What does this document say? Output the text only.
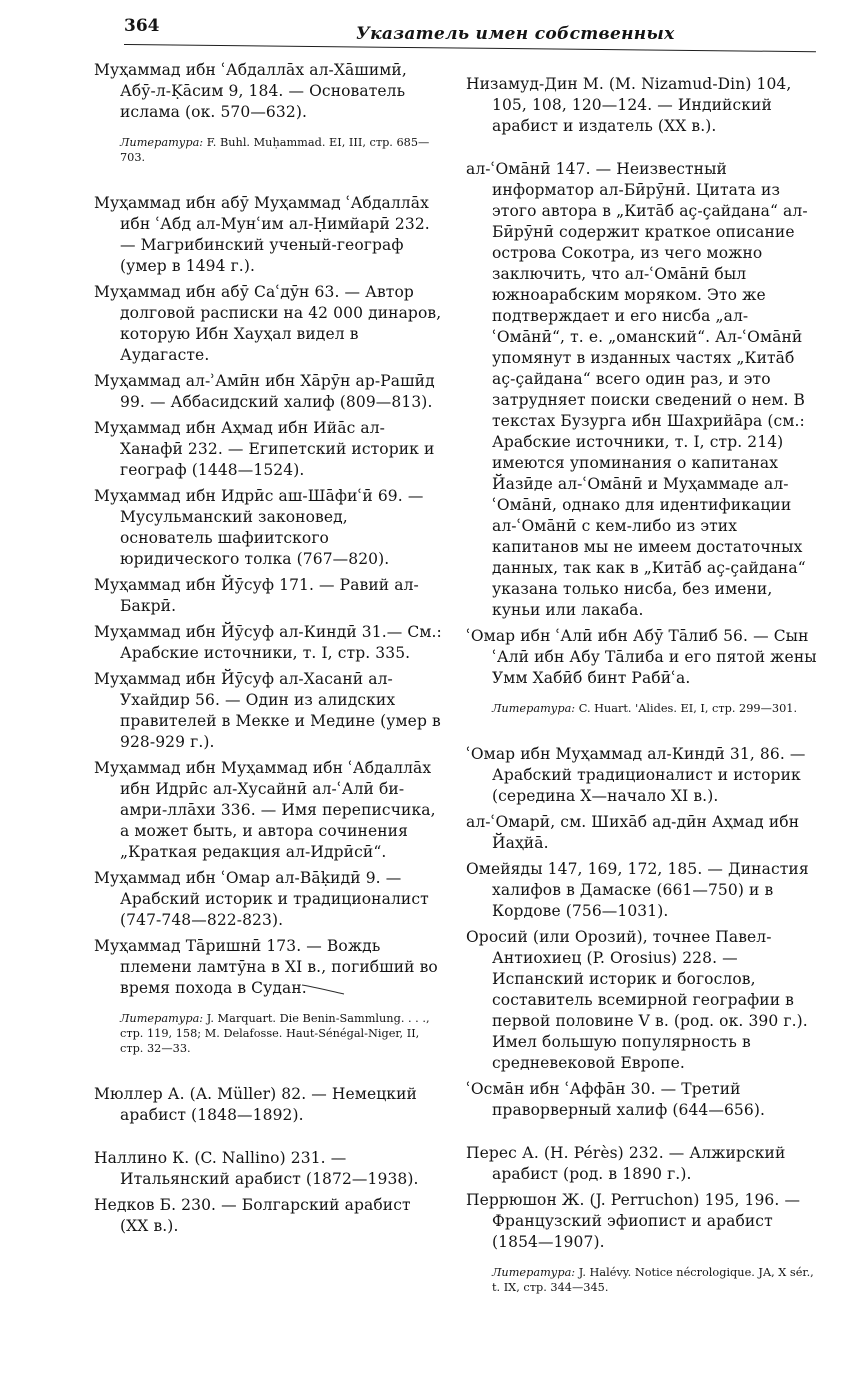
364	Указатель имен собственных
Муҳаммад ибн ʿАбдаллāх ал-Хāшимӣ, Абӯ-л-Ḳāсим 9, 184. — Основатель ислама (ок. 570—632).
Литература: F. Buhl. Muḥammad. EI, III, стр. 685—703.
Муҳаммад ибн абӯ Муҳаммад ʿАбдаллāх ибн ʿАбд ал-Мунʿим ал-Ḥимйарӣ 232.— Магрибинский ученый-географ (умер в 1494 г.).
Муҳаммад ибн абӯ Саʿдӯн 63. — Автор долговой расписки на 42 000 динаров, которую Ибн Хауҳал видел в Аудагасте.
Муҳаммад ал-ʾАмӣн ибн Хāрӯн ар-Рашӣд 99. — Аббасидский халиф (809—813).
Муҳаммад ибн Аҳмад ибн Ийāс ал-Ханафӣ 232. — Египетский историк и географ (1448—1524).
Муҳаммад ибн Идрӣс аш-Шāфиʿӣ 69. — Мусульманский законовед, основатель шафиитского юридического толка (767—820).
Муҳаммад ибн Йӯсуф 171. — Равий ал-Бакрӣ.
Муҳаммад ибн Йӯсуф ал-Киндӣ 31.— См.: Арабские источники, т. I, стр. 335.
Муҳаммад ибн Йӯсуф ал-Хасанӣ ал-Ухайдир 56. — Один из алидских правителей в Мекке и Медине (умер в 928-929 г.).
Муҳаммад ибн Муҳаммад ибн ʿАбдаллāх ибн Идрӣс ал-Хусайнӣ ал-ʿАлӣ би-амри-ллāхи 336. — Имя переписчика, а может быть, и автора сочинения „Краткая редакция ал-Идрӣсӣ“.
Муҳаммад ибн ʿОмар ал-Вāḳидӣ 9. — Арабский историк и традиционалист (747-748—822-823).
Муҳаммад Тāришнӣ 173. — Вождь племени ламтӯна в XI в., погибший во время похода в Судан.
Литература: J. Marquart. Die Benin-Sammlung. . . ., стр. 119, 158; M. Delafosse. Haut-Sénégal-Niger, II, стр. 32—33.
Мюллер А. (A. Müller) 82. — Немецкий арабист (1848—1892).
Наллино К. (C. Nallino) 231. — Итальянский арабист (1872—1938).
Недков Б. 230. — Болгарский арабист (XX в.).
Низамуд-Дин М. (M. Nizamud-Din) 104, 105, 108, 120—124. — Индийский арабист и издатель (XX в.).
ал-ʿОмāнӣ 147. — Неизвестный информатор ал-Бӣрӯнӣ. Цитата из этого автора в „Китāб aç-çайдана“ ал-Бӣрӯнӣ содержит краткое описание острова Сокотра, из чего можно заключить, что ал-ʿОмāнӣ был южноарабским моряком. Это же подтверждает и его нисба „ал-ʿОмāнӣ“, т. е. „оманский“. Ал-ʿОмāнӣ упомянут в изданных частях „Китāб aç-çайдана“ всего один раз, и это затрудняет поиски сведений о нем. В текстах Бузурга ибн Шахрийāра (см.: Арабские источники, т. I, стр. 214) имеются упоминания о капитанах Йазӣде ал-ʿОмāнӣ и Муҳаммаде ал-ʿОмāнӣ, однако для идентификации ал-ʿОмāнӣ с кем-либо из этих капитанов мы не имеем достаточных данных, так как в „Китāб aç-çайдана“ указана только нисба, без имени, куньи или лакаба.
ʿОмар ибн ʿАлӣ ибн Абӯ Тāлиб 56. — Сын ʿАлӣ ибн Абу Тāлиба и его пятой жены Умм Хабӣб бинт Рабӣʿа.
Литература: C. Huart. 'Alides. EI, I, стр. 299—301.
ʿОмар ибн Муҳаммад ал-Киндӣ 31, 86. — Арабский традиционалист и историк (середина X—начало XI в.).
ал-ʿОмарӣ, см. Шихāб ад-дӣн Аҳмад ибн Йаҳйā.
Омейяды 147, 169, 172, 185. — Династия халифов в Дамаске (661—750) и в Кордове (756—1031).
Оросий (или Орозий), точнее Павел-Антиохиец (P. Orosius) 228. — Испанский историк и богослов, составитель всемирной географии в первой половине V в. (род. ок. 390 г.). Имел большую популярность в средневековой Европе.
ʿОсмāн ибн ʿАффāн 30. — Третий праворверный халиф (644—656).
Перес А. (H. Pérès) 232. — Алжирский арабист (род. в 1890 г.).
Перрюшон Ж. (J. Perruchon) 195, 196. — Французский эфиопист и арабист (1854—1907).
Литература: J. Halévy. Notice nécrologique. JA, X sér., t. IX, стр. 344—345.
